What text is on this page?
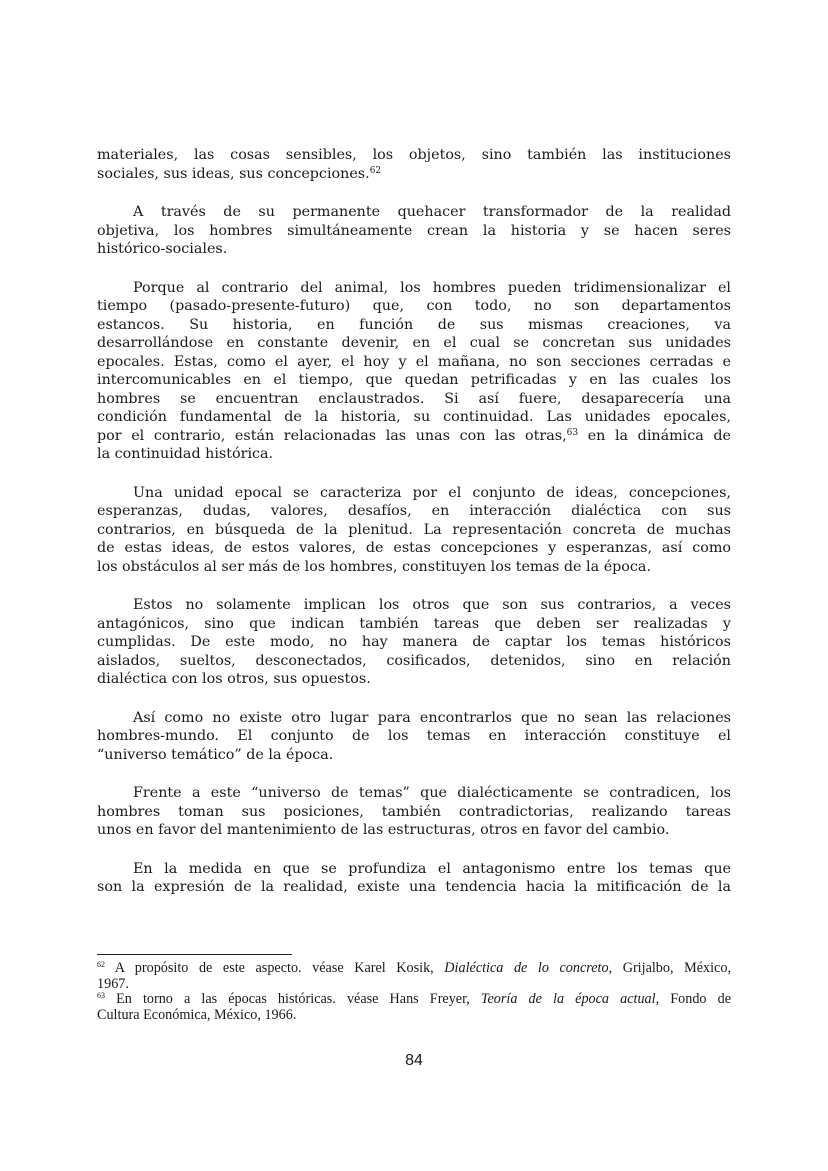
materiales, las cosas sensibles, los objetos, sino también las instituciones
sociales, sus ideas, sus concepciones.$^{62}$
A través de su permanente quehacer transformador de la realidad
objetiva, los hombres simultáneamente crean la historia y se hacen seres
histórico-sociales.
Porque al contrario del animal, los hombres pueden tridimensionalizar el
tiempo (pasado-presente-futuro) que, con todo, no son departamentos
estancos. Su historia, en función de sus mismas creaciones, va
desarrollándose en constante devenir, en el cual se concretan sus unidades
epocales. Estas, como el ayer, el hoy y el mañana, no son secciones cerradas e
intercomunicables en el tiempo, que quedan petrificadas y en las cuales los
hombres se encuentran enclaustrados. Si así fuere, desaparecería una
condición fundamental de la historia, su continuidad. Las unidades epocales,
por el contrario, están relacionadas las unas con las otras,$^{63}$ en la dinámica de
la continuidad histórica.
Una unidad epocal se caracteriza por el conjunto de ideas, concepciones,
esperanzas, dudas, valores, desafíos, en interacción dialéctica con sus
contrarios, en búsqueda de la plenitud. La representación concreta de muchas
de estas ideas, de estos valores, de estas concepciones y esperanzas, así como
los obstáculos al ser más de los hombres, constituyen los temas de la época.
Estos no solamente implican los otros que son sus contrarios, a veces
antagónicos, sino que indican también tareas que deben ser realizadas y
cumplidas. De este modo, no hay manera de captar los temas históricos
aislados, sueltos, desconectados, cosificados, detenidos, sino en relación
dialéctica con los otros, sus opuestos.
Así como no existe otro lugar para encontrarlos que no sean las relaciones
hombres-mundo. El conjunto de los temas en interacción constituye el
“universo temático” de la época.
Frente a este “universo de temas” que dialécticamente se contradicen, los
hombres toman sus posiciones, también contradictorias, realizando tareas
unos en favor del mantenimiento de las estructuras, otros en favor del cambio.
En la medida en que se profundiza el antagonismo entre los temas que
son la expresión de la realidad, existe una tendencia hacia la mitificación de la
$^{62}$ A propósito de este aspecto. véase Karel Kosik, Dialéctica de lo concreto, Grijalbo, México,
1967.
$^{63}$ En torno a las épocas históricas. véase Hans Freyer, Teoría de la época actual, Fondo de
Cultura Económica, México, 1966.
84
